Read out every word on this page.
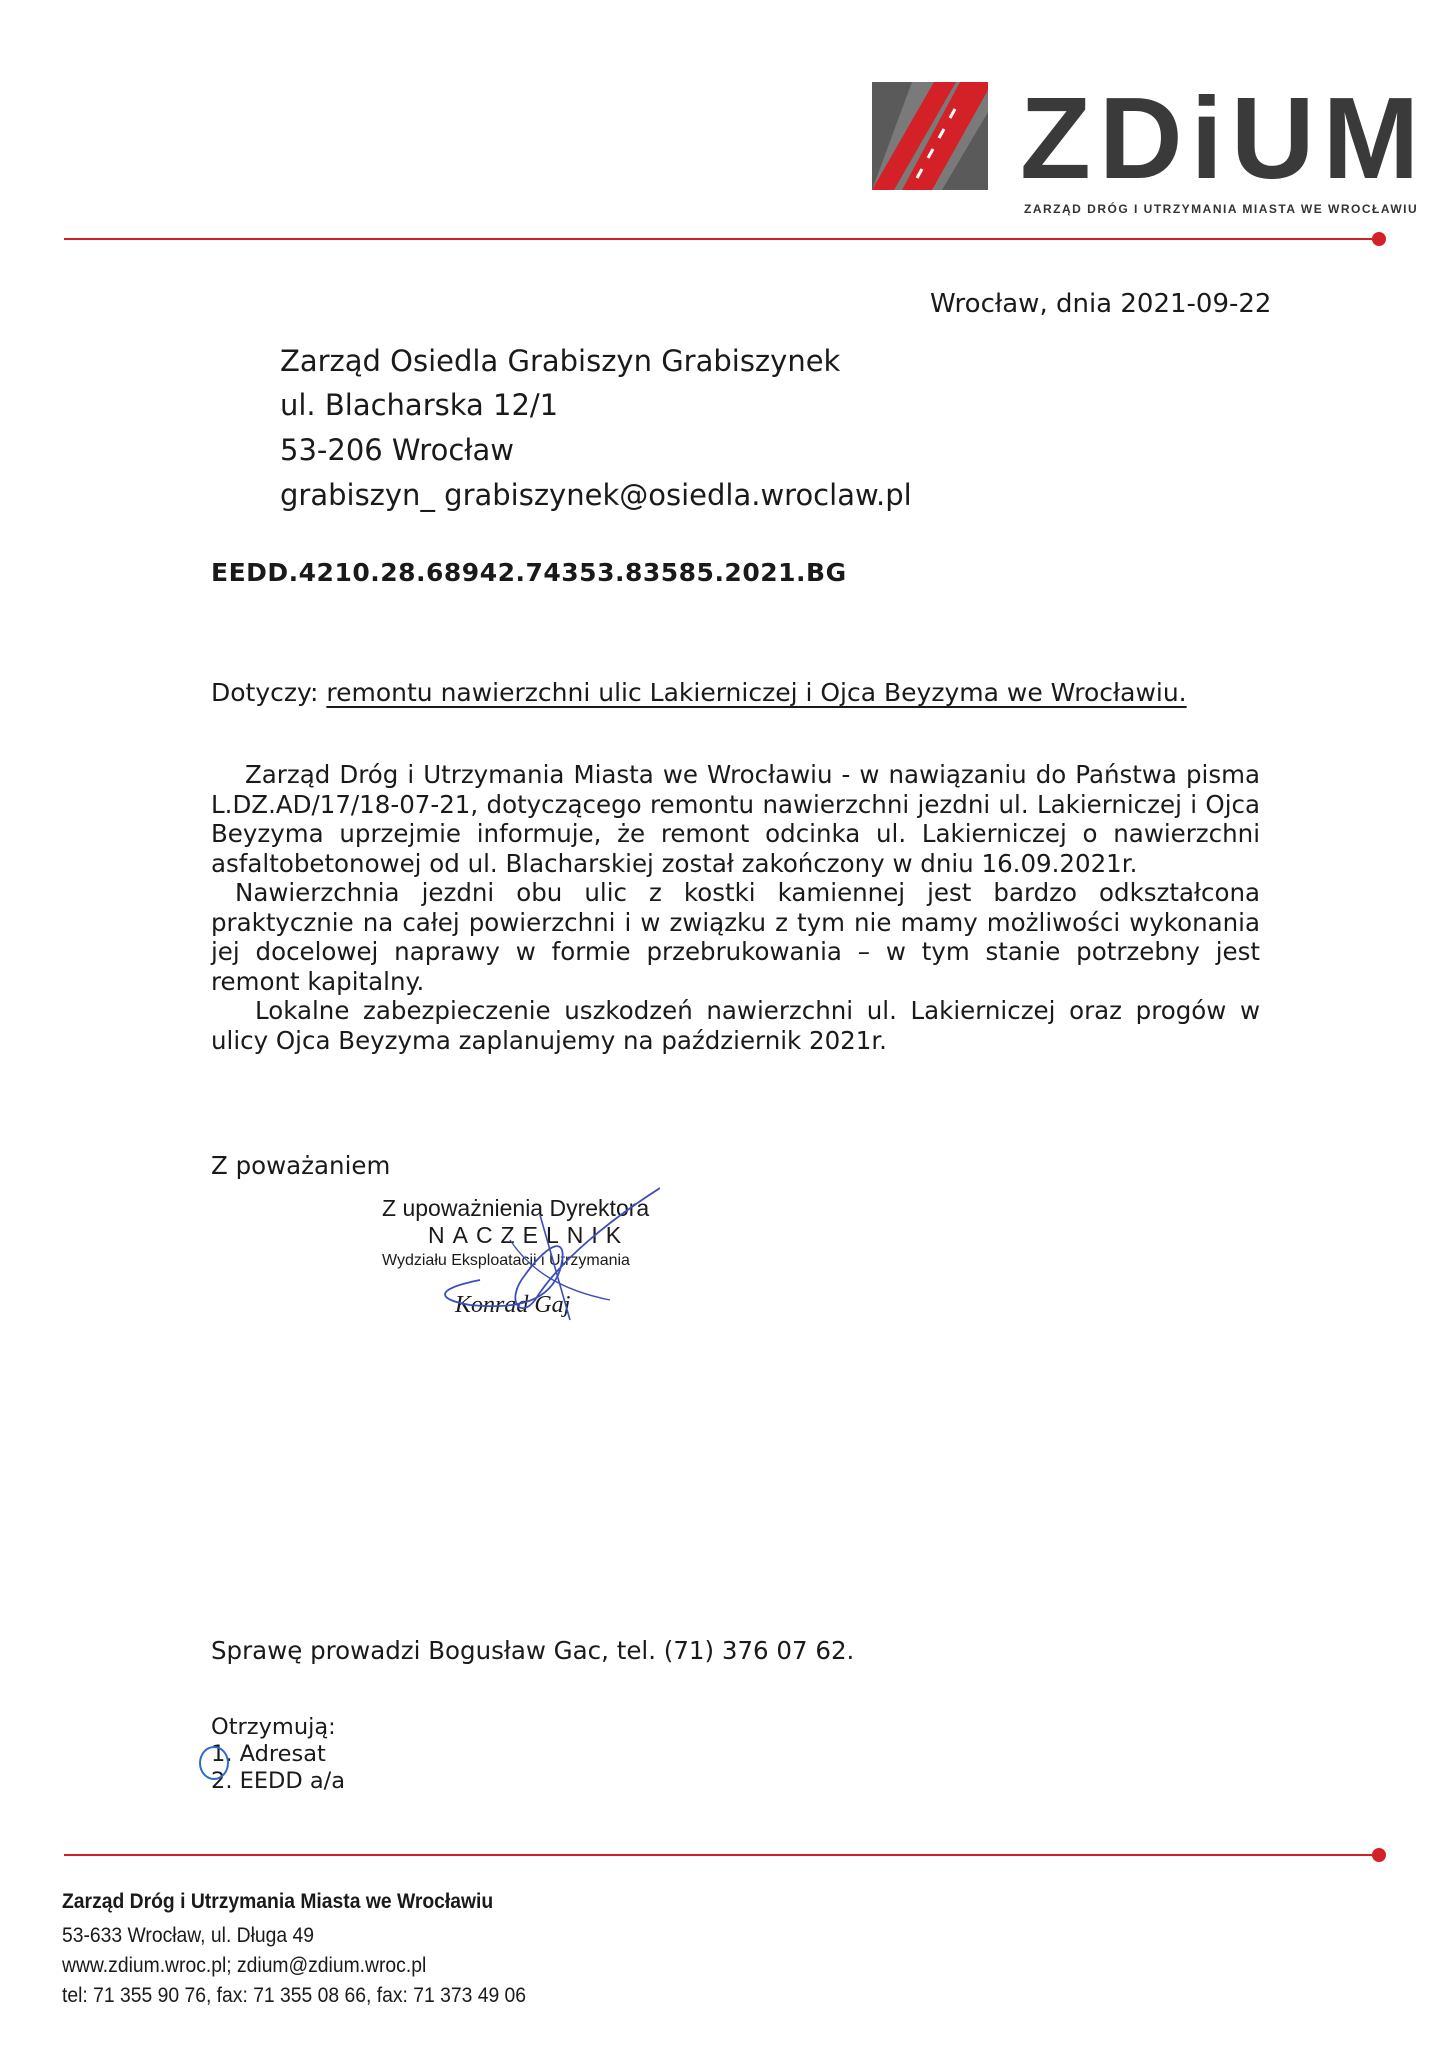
ZDiUM
ZARZĄD DRÓG I UTRZYMANIA MIASTA WE WROCŁAWIU
Wrocław, dnia 2021-09-22
Zarząd Osiedla Grabiszyn Grabiszynek
ul. Blacharska 12/1
53-206 Wrocław
grabiszyn_ grabiszynek@osiedla.wroclaw.pl
EEDD.4210.28.68942.74353.83585.2021.BG
Dotyczy: remontu nawierzchni ulic Lakierniczej i Ojca Beyzyma we Wrocławiu.

Zarząd Dróg i Utrzymania Miasta we Wrocławiu - w nawiązaniu do Państwa pisma L.DZ.AD/17/18-07-21, dotyczącego remontu nawierzchni jezdni ul. Lakierniczej i Ojca Beyzyma uprzejmie informuje, że remont odcinka ul. Lakierniczej o nawierzchni asfaltobetonowej od ul. Blacharskiej został zakończony w dniu 16.09.2021r.

Nawierzchnia jezdni obu ulic z kostki kamiennej jest bardzo odkształcona praktycznie na całej powierzchni i w związku z tym nie mamy możliwości wykonania jej docelowej naprawy w formie przebrukowania – w tym stanie potrzebny jest remont kapitalny.

Lokalne zabezpieczenie uszkodzeń nawierzchni ul. Lakierniczej oraz progów w ulicy Ojca Beyzyma zaplanujemy na październik 2021r.

Z poważaniem
Z upoważnienia Dyrektora
NACZELNIK
Wydziału Eksploatacji i Utrzymania
Konrad Gaj
Sprawę prowadzi Bogusław Gac, tel. (71) 376 07 62.
Otrzymują:
1. Adresat
2. EEDD a/a
Zarząd Dróg i Utrzymania Miasta we Wrocławiu
53-633 Wrocław, ul. Długa 49
www.zdium.wroc.pl; zdium@zdium.wroc.pl
tel: 71 355 90 76, fax: 71 355 08 66, fax: 71 373 49 06
